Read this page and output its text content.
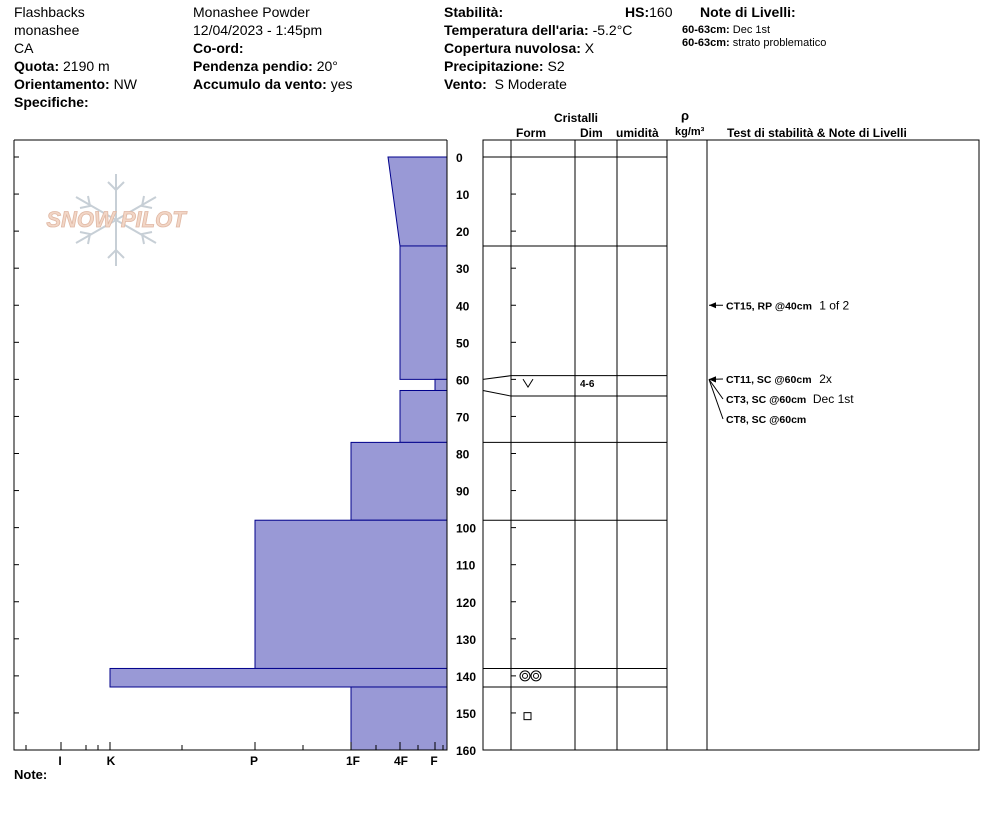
Flashbacks
monashee
CA
Quota: 2190 m
Orientamento: NW
Specifiche:
Monashee Powder
12/04/2023 - 1:45pm
Co-ord:
Pendenza pendio: 20°
Accumulo da vento: yes
Stabilità:	HS:160
Temperatura dell'aria: -5.2°C
Copertura nuvolosa: X
Precipitazione: S2
Vento: S Moderate
Note di Livelli:
60-63cm: Dec 1st
60-63cm: strato problematico
Cristalli
Form	Dim umidità
ρ
kg/m³ Test di stabilità & Note di Livelli
Note:
SNOW PILOT
I	K	P	1F	4F F
0
10
20
30
40
50
60
70
80
90
100
110
120
130
140
150
160
4-6
CT15, RP @40cm 1 of 2
CT11, SC @60cm 2x
CT3, SC @60cm Dec 1st
CT8, SC @60cm
